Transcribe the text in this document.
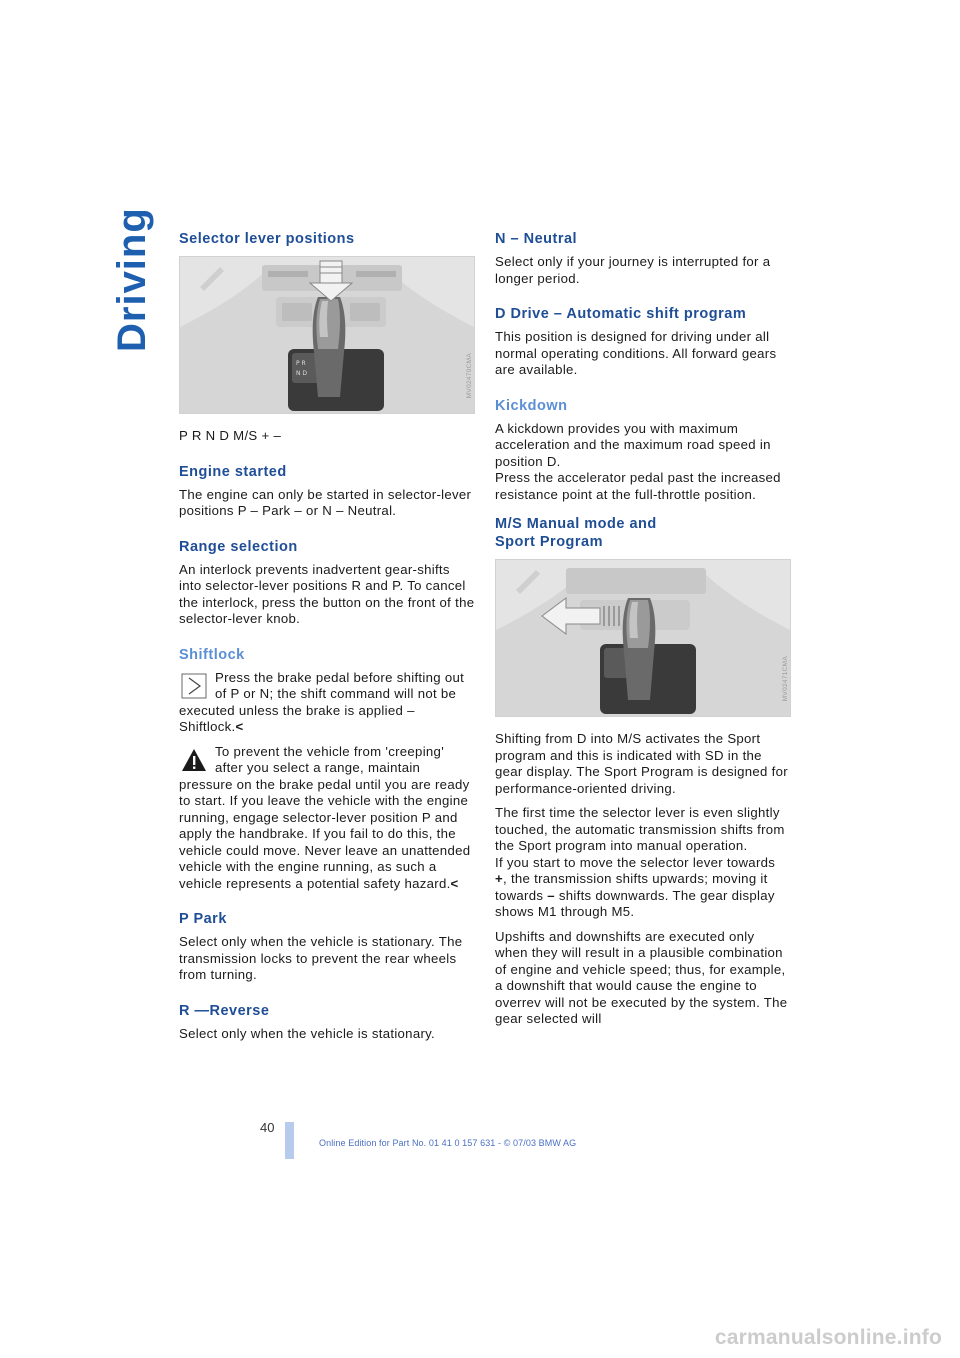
Driving Selector lever positions
P R
N D	MV02470CMA

P R N D M/S + –

Engine started

The engine can only be started in selector-lever positions P – Park – or N – Neutral.

Range selection

An interlock prevents inadvertent gear-shifts into selector-lever positions R and P. To cancel the interlock, press the button on the front of the selector-lever knob.

Shiftlock

Press the brake pedal before shifting out of P or N; the shift command will not be executed unless the brake is applied – Shiftlock.<

To prevent the vehicle from 'creeping' after you select a range, maintain pressure on the brake pedal until you are ready to start. If you leave the vehicle with the engine running, engage selector-lever position P and apply the handbrake. If you fail to do this, the vehicle could move. Never leave an unattended vehicle with the engine running, as such a vehicle represents a potential safety hazard.<

P Park

Select only when the vehicle is stationary. The transmission locks to prevent the rear wheels from turning.

R —Reverse

Select only when the vehicle is stationary.

N – Neutral

Select only if your journey is interrupted for a longer period.

D Drive – Automatic shift program

This position is designed for driving under all normal operating conditions. All forward gears are available.

Kickdown

A kickdown provides you with maximum acceleration and the maximum road speed in position D.

Press the accelerator pedal past the increased resistance point at the full-throttle position.

M/S Manual mode and
Sport Program
MV02471CMA

Shifting from D into M/S activates the Sport program and this is indicated with SD in the gear display. The Sport Program is designed for performance-oriented driving.

The first time the selector lever is even slightly touched, the automatic transmission shifts from the Sport program into manual operation.

If you start to move the selector lever towards +, the transmission shifts upwards; moving it towards – shifts downwards. The gear display shows M1 through M5.

Upshifts and downshifts are executed only when they will result in a plausible combination of engine and vehicle speed; thus, for example, a downshift that would cause the engine to overrev will not be executed by the system. The gear selected will

40
Online Edition for Part No. 01 41 0 157 631 - © 07/03 BMW AG
carmanualsonline.info
